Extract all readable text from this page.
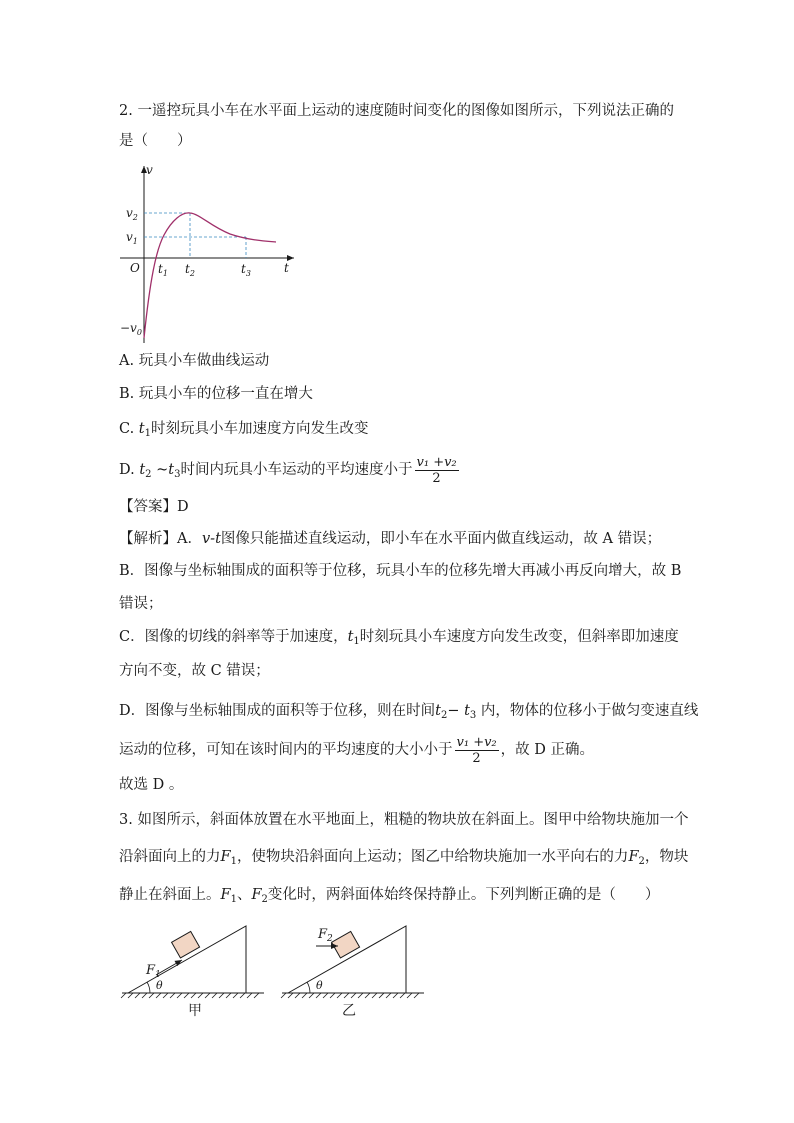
2. 一遥控玩具小车在水平面上运动的速度随时间变化的图像如图所示，下列说法正确的
是（　　）
v
t
O
$v_2$
$v_1$
$-v_0$
$t_1$ $t_2$	$t_3$
A. 玩具小车做曲线运动
B. 玩具小车的位移一直在增大
C. $t_1$时刻玩具小车加速度方向发生改变
D. $t_2$ $\sim t_3$时间内玩具小车运动的平均速度小于 $\frac{\text{v₁ +v₂}}{2}$
【答案】D
【解析】A．v-t图像只能描述直线运动，即小车在水平面内做直线运动，故 A 错误；
B．图像与坐标轴围成的面积等于位移，玩具小车的位移先增大再减小再反向增大，故 B
错误；
C．图像的切线的斜率等于加速度，$t_1$时刻玩具小车速度方向发生改变，但斜率即加速度
方向不变，故 C 错误；
D．图像与坐标轴围成的面积等于位移，则在时间$t_2- t_3$ 内，物体的位移小于做匀变速直线
运动的位移，可知在该时间内的平均速度的大小小于 $\frac{\text{v₁ +v₂}}{2}$ ，故 D 正确。
故选 D 。
3. 如图所示，斜面体放置在水平地面上，粗糙的物块放在斜面上。图甲中给物块施加一个
沿斜面向上的力$F_1$，使物块沿斜面向上运动；图乙中给物块施加一水平向右的力$F_2$，物块
静止在斜面上。$F_1$、$F_2$变化时，两斜面体始终保持静止。下列判断正确的是（　　）
$F_1$
θ
甲
$F_2$
θ
乙
